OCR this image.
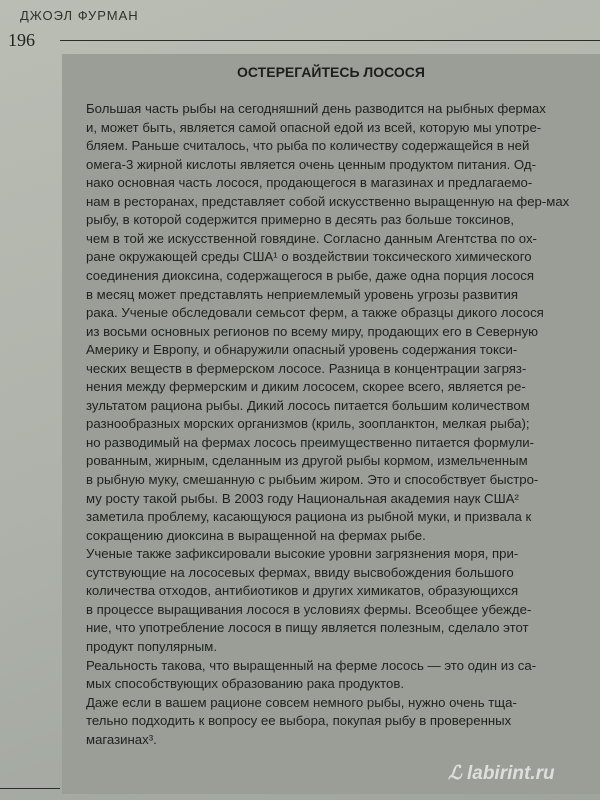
ДЖОЭЛ ФУРМАН
196
ОСТЕРЕГАЙТЕСЬ ЛОСОСЯ
Большая часть рыбы на сегодняшний день разводится на рыбных фермах
и, может быть, является самой опасной едой из всей, которую мы употре-
бляем. Раньше считалось, что рыба по количеству содержащейся в ней
омега-3 жирной кислоты является очень ценным продуктом питания. Од-
нако основная часть лосося, продающегося в магазинах и предлагаемо-
нам в ресторанах, представляет собой искусственно выращенную на фер-мах
рыбу, в которой содержится примерно в десять раз больше токсинов,
чем в той же искусственной говядине. Согласно данным Агентства по ох-
ране окружающей среды США¹ о воздействии токсического химического
соединения диоксина, содержащегося в рыбе, даже одна порция лосося
в месяц может представлять неприемлемый уровень угрозы развития
рака. Ученые обследовали семьсот ферм, а также образцы дикого лосося
из восьми основных регионов по всему миру, продающих его в Северную
Америку и Европу, и обнаружили опасный уровень содержания токси-
ческих веществ в фермерском лососе. Разница в концентрации загряз-
нения между фермерским и диким лососем, скорее всего, является ре-
зультатом рациона рыбы. Дикий лосось питается большим количеством
разнообразных морских организмов (криль, зоопланктон, мелкая рыба);
но разводимый на фермах лосось преимущественно питается формули-
рованным, жирным, сделанным из другой рыбы кормом, измельченным
в рыбную муку, смешанную с рыбьим жиром. Это и способствует быстро-
му росту такой рыбы. В 2003 году Национальная академия наук США²
заметила проблему, касающуюся рациона из рыбной муки, и призвала к
сокращению диоксина в выращенной на фермах рыбе.
Ученые также зафиксировали высокие уровни загрязнения моря, при-
сутствующие на лососевых фермах, ввиду высвобождения большого
количества отходов, антибиотиков и других химикатов, образующихся
в процессе выращивания лосося в условиях фермы. Всеобщее убежде-
ние, что употребление лосося в пищу является полезным, сделало этот
продукт популярным.
Реальность такова, что выращенный на ферме лосось — это один из са-
мых способствующих образованию рака продуктов.
Даже если в вашем рационе совсем немного рыбы, нужно очень тща-
тельно подходить к вопросу ее выбора, покупая рыбу в проверенных
магазинах³.
ℒ labirint.ru
